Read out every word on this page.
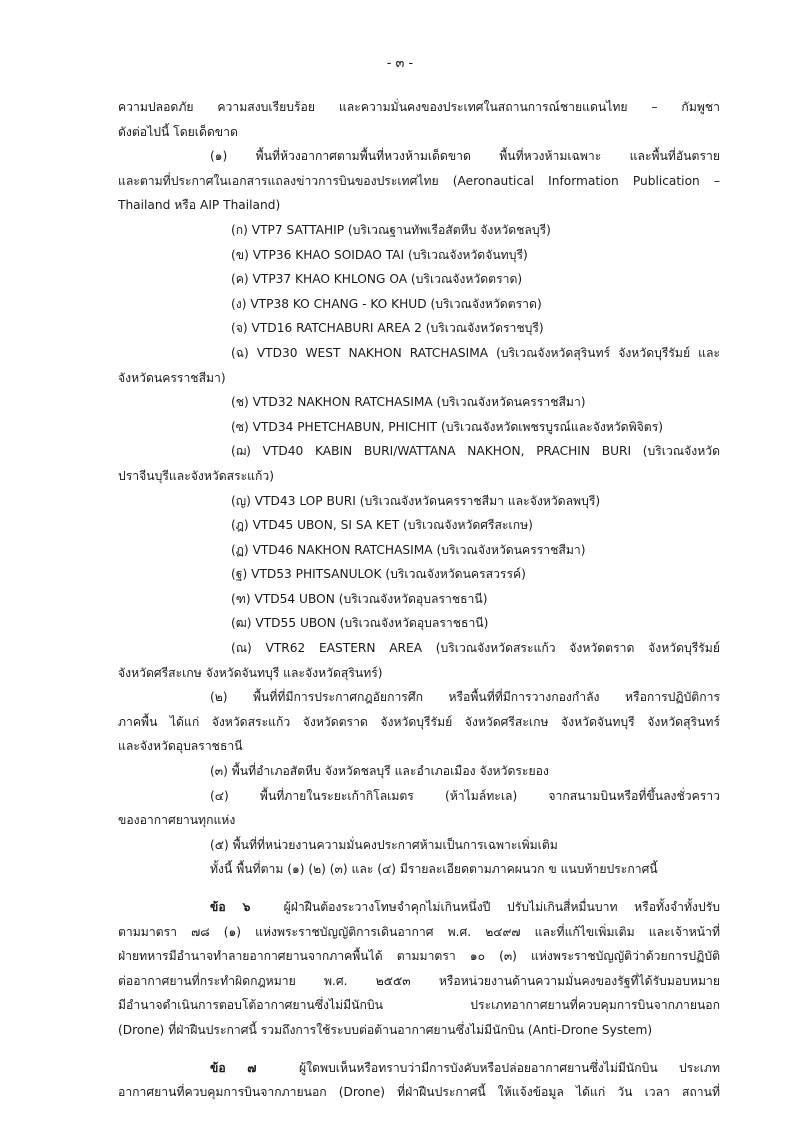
- ๓ -
ความปลอดภัย ความสงบเรียบร้อย และความมั่นคงของประเทศในสถานการณ์ชายแดนไทย – กัมพูชา
ดังต่อไปนี้ โดยเด็ดขาด
(๑) พื้นที่ห้วงอากาศตามพื้นที่หวงห้ามเด็ดขาด พื้นที่หวงห้ามเฉพาะ และพื้นที่อันตราย
และตามที่ประกาศในเอกสารแถลงข่าวการบินของประเทศไทย (Aeronautical Information Publication –
Thailand หรือ AIP Thailand)
(ก) VTP7 SATTAHIP (บริเวณฐานทัพเรือสัตหีบ จังหวัดชลบุรี)
(ข) VTP36 KHAO SOIDAO TAI (บริเวณจังหวัดจันทบุรี)
(ค) VTP37 KHAO KHLONG OA (บริเวณจังหวัดตราด)
(ง) VTP38 KO CHANG - KO KHUD (บริเวณจังหวัดตราด)
(จ) VTD16 RATCHABURI AREA 2 (บริเวณจังหวัดราชบุรี)
(ฉ) VTD30 WEST NAKHON RATCHASIMA (บริเวณจังหวัดสุรินทร์ จังหวัดบุรีรัมย์ และ
จังหวัดนครราชสีมา)
(ช) VTD32 NAKHON RATCHASIMA (บริเวณจังหวัดนครราชสีมา)
(ซ) VTD34 PHETCHABUN, PHICHIT (บริเวณจังหวัดเพชรบูรณ์และจังหวัดพิจิตร)
(ฌ) VTD40 KABIN BURI/WATTANA NAKHON, PRACHIN BURI (บริเวณจังหวัด
ปราจีนบุรีและจังหวัดสระแก้ว)
(ญ) VTD43 LOP BURI (บริเวณจังหวัดนครราชสีมา และจังหวัดลพบุรี)
(ฎ) VTD45 UBON, SI SA KET (บริเวณจังหวัดศรีสะเกษ)
(ฏ) VTD46 NAKHON RATCHASIMA (บริเวณจังหวัดนครราชสีมา)
(ฐ) VTD53 PHITSANULOK (บริเวณจังหวัดนครสวรรค์)
(ฑ) VTD54 UBON (บริเวณจังหวัดอุบลราชธานี)
(ฒ) VTD55 UBON (บริเวณจังหวัดอุบลราชธานี)
(ณ) VTR62 EASTERN AREA (บริเวณจังหวัดสระแก้ว จังหวัดตราด จังหวัดบุรีรัมย์
จังหวัดศรีสะเกษ จังหวัดจันทบุรี และจังหวัดสุรินทร์)
(๒) พื้นที่ที่มีการประกาศกฎอัยการศึก หรือพื้นที่ที่มีการวางกองกำลัง หรือการปฏิบัติการ
ภาคพื้น ได้แก่ จังหวัดสระแก้ว จังหวัดตราด จังหวัดบุรีรัมย์ จังหวัดศรีสะเกษ จังหวัดจันทบุรี จังหวัดสุรินทร์
และจังหวัดอุบลราชธานี
(๓) พื้นที่อำเภอสัตหีบ จังหวัดชลบุรี และอำเภอเมือง จังหวัดระยอง
(๔) พื้นที่ภายในระยะเก้ากิโลเมตร (ห้าไมล์ทะเล) จากสนามบินหรือที่ขึ้นลงชั่วคราว
ของอากาศยานทุกแห่ง
(๕) พื้นที่ที่หน่วยงานความมั่นคงประกาศห้ามเป็นการเฉพาะเพิ่มเติม
ทั้งนี้ พื้นที่ตาม (๑) (๒) (๓) และ (๔) มีรายละเอียดตามภาคผนวก ข แนบท้ายประกาศนี้
ข้อ ๖	ผู้ฝ่าฝืนต้องระวางโทษจำคุกไม่เกินหนึ่งปี ปรับไม่เกินสี่หมื่นบาท หรือทั้งจำทั้งปรับ
ตามมาตรา ๗๘ (๑) แห่งพระราชบัญญัติการเดินอากาศ พ.ศ. ๒๔๙๗ และที่แก้ไขเพิ่มเติม และเจ้าหน้าที่
ฝ่ายทหารมีอำนาจทำลายอากาศยานจากภาคพื้นได้ ตามมาตรา ๑๐ (๓) แห่งพระราชบัญญัติว่าด้วยการปฏิบัติ
ต่ออากาศยานที่กระทำผิดกฎหมาย พ.ศ. ๒๕๕๓ หรือหน่วยงานด้านความมั่นคงของรัฐที่ได้รับมอบหมาย
มีอำนาจดำเนินการตอบโต้อากาศยานซึ่งไม่มีนักบิน ประเภทอากาศยานที่ควบคุมการบินจากภายนอก
(Drone) ที่ฝ่าฝืนประกาศนี้ รวมถึงการใช้ระบบต่อต้านอากาศยานซึ่งไม่มีนักบิน (Anti-Drone System)
ข้อ ๗	ผู้ใดพบเห็นหรือทราบว่ามีการบังคับหรือปล่อยอากาศยานซึ่งไม่มีนักบิน ประเภท
อากาศยานที่ควบคุมการบินจากภายนอก (Drone) ที่ฝ่าฝืนประกาศนี้ ให้แจ้งข้อมูล ได้แก่ วัน เวลา สถานที่
